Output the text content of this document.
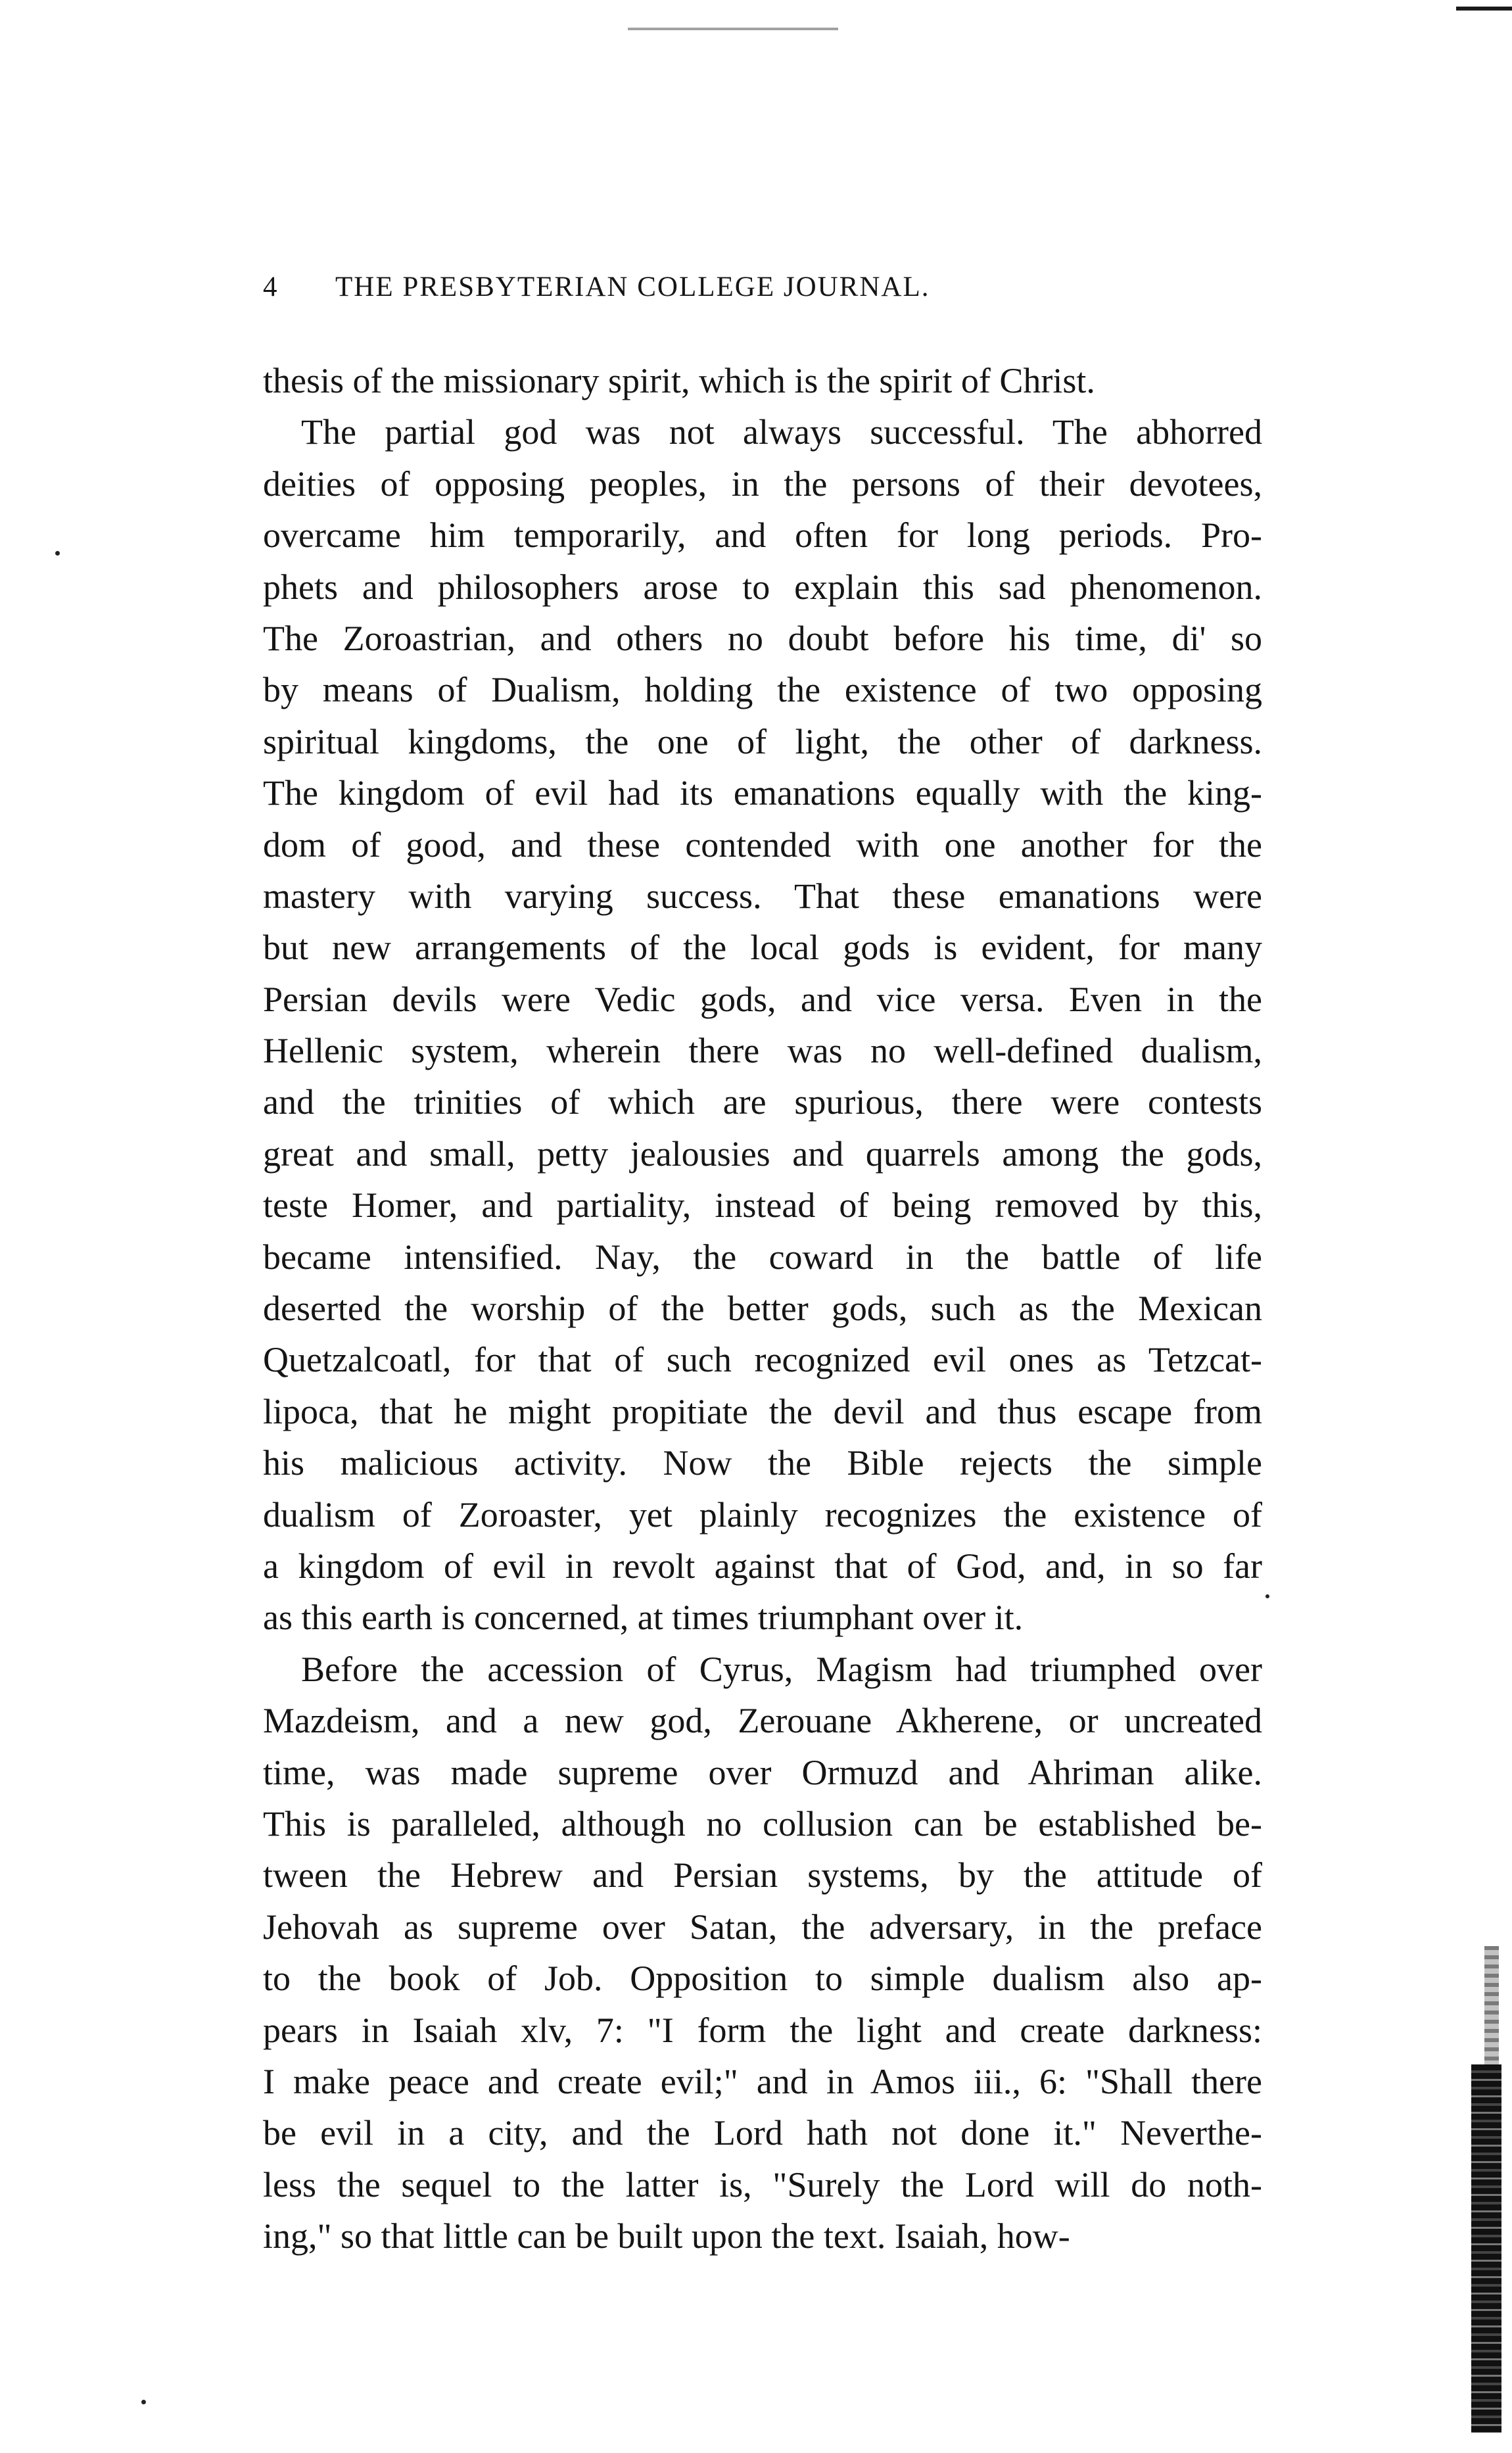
4	THE PRESBYTERIAN COLLEGE JOURNAL.
thesis of the missionary spirit, which is the spirit of Christ.
The partial god was not always successful. The abhorred
deities of opposing peoples, in the persons of their devotees,
overcame him temporarily, and often for long periods. Pro-
phets and philosophers arose to explain this sad phenomenon.
The Zoroastrian, and others no doubt before his time, di' so
by means of Dualism, holding the existence of two opposing
spiritual kingdoms, the one of light, the other of darkness.
The kingdom of evil had its emanations equally with the king-
dom of good, and these contended with one another for the
mastery with varying success. That these emanations were
but new arrangements of the local gods is evident, for many
Persian devils were Vedic gods, and vice versa. Even in the
Hellenic system, wherein there was no well-defined dualism,
and the trinities of which are spurious, there were contests
great and small, petty jealousies and quarrels among the gods,
teste Homer, and partiality, instead of being removed by this,
became intensified. Nay, the coward in the battle of life
deserted the worship of the better gods, such as the Mexican
Quetzalcoatl, for that of such recognized evil ones as Tetzcat-
lipoca, that he might propitiate the devil and thus escape from
his malicious activity. Now the Bible rejects the simple
dualism of Zoroaster, yet plainly recognizes the existence of
a kingdom of evil in revolt against that of God, and, in so far
as this earth is concerned, at times triumphant over it.
Before the accession of Cyrus, Magism had triumphed over
Mazdeism, and a new god, Zerouane Akherene, or uncreated
time, was made supreme over Ormuzd and Ahriman alike.
This is paralleled, although no collusion can be established be-
tween the Hebrew and Persian systems, by the attitude of
Jehovah as supreme over Satan, the adversary, in the preface
to the book of Job. Opposition to simple dualism also ap-
pears in Isaiah xlv, 7: "I form the light and create darkness:
I make peace and create evil;" and in Amos iii., 6: "Shall there
be evil in a city, and the Lord hath not done it." Neverthe-
less the sequel to the latter is, "Surely the Lord will do noth-
ing," so that little can be built upon the text. Isaiah, how-
